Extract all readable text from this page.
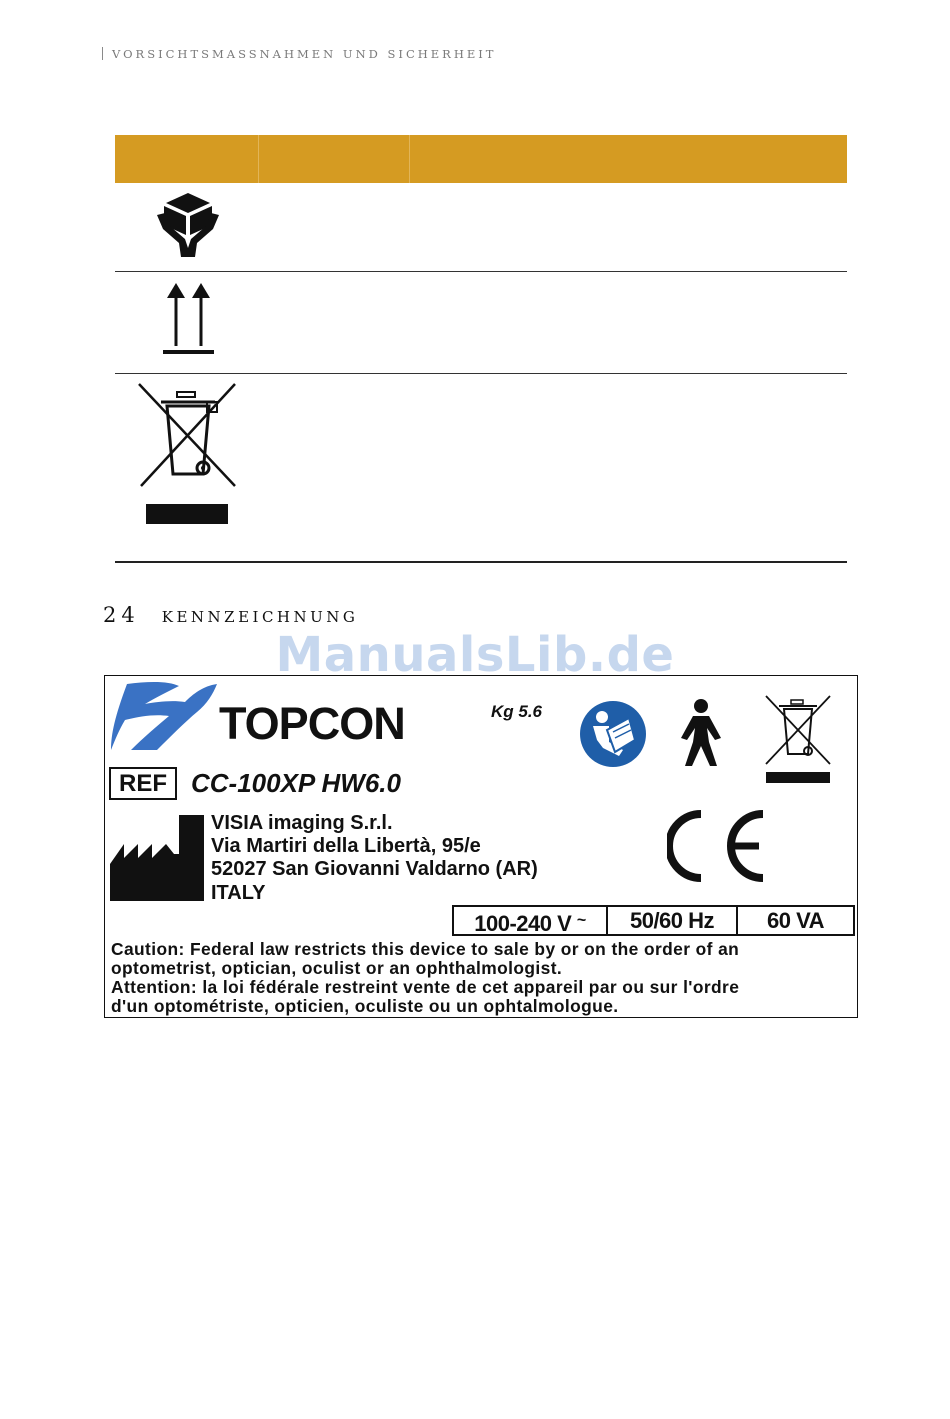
VORSICHTSMASSNAHMEN UND SICHERHEIT
24 KENNZEICHNUNG
ManualsLib.de
TOPCON	Kg 5.6
REF CC-100XP HW6.0
VISIA imaging S.r.l.
Via Martiri della Libertà, 95/e
52027 San Giovanni Valdarno (AR)
ITALY
100-240 V ~	50/60 Hz	60 VA
Caution: Federal law restricts this device to sale by or on the order of an
optometrist, optician, oculist or an ophthalmologist.
Attention: la loi fédérale restreint vente de cet appareil par ou sur l'ordre
d'un optométriste, opticien, oculiste ou un ophtalmologue.
